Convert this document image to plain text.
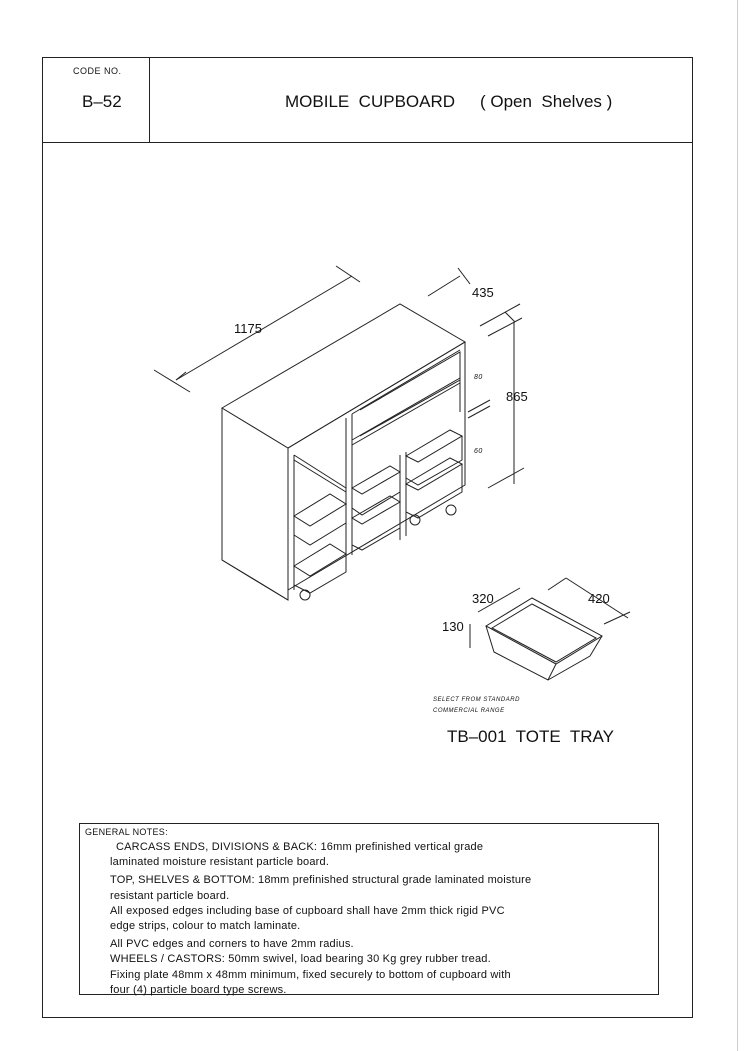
CODE NO.
B–52	MOBILE  CUPBOARD ( Open  Shelves )
1175
435
865
80
60
320	420
130
SELECT FROM STANDARD
COMMERCIAL RANGE
TB–001  TOTE  TRAY
GENERAL NOTES:
CARCASS ENDS, DIVISIONS & BACK: 16mm prefinished vertical grade
laminated moisture resistant particle board.
TOP, SHELVES & BOTTOM: 18mm prefinished structural grade laminated moisture
resistant particle board.
All exposed edges including base of cupboard shall have 2mm thick rigid PVC
edge strips, colour to match laminate.
All PVC edges and corners to have 2mm radius.
WHEELS / CASTORS: 50mm swivel, load bearing 30 Kg grey rubber tread.
Fixing plate 48mm x 48mm minimum, fixed securely to bottom of cupboard with
four (4) particle board type screws.
